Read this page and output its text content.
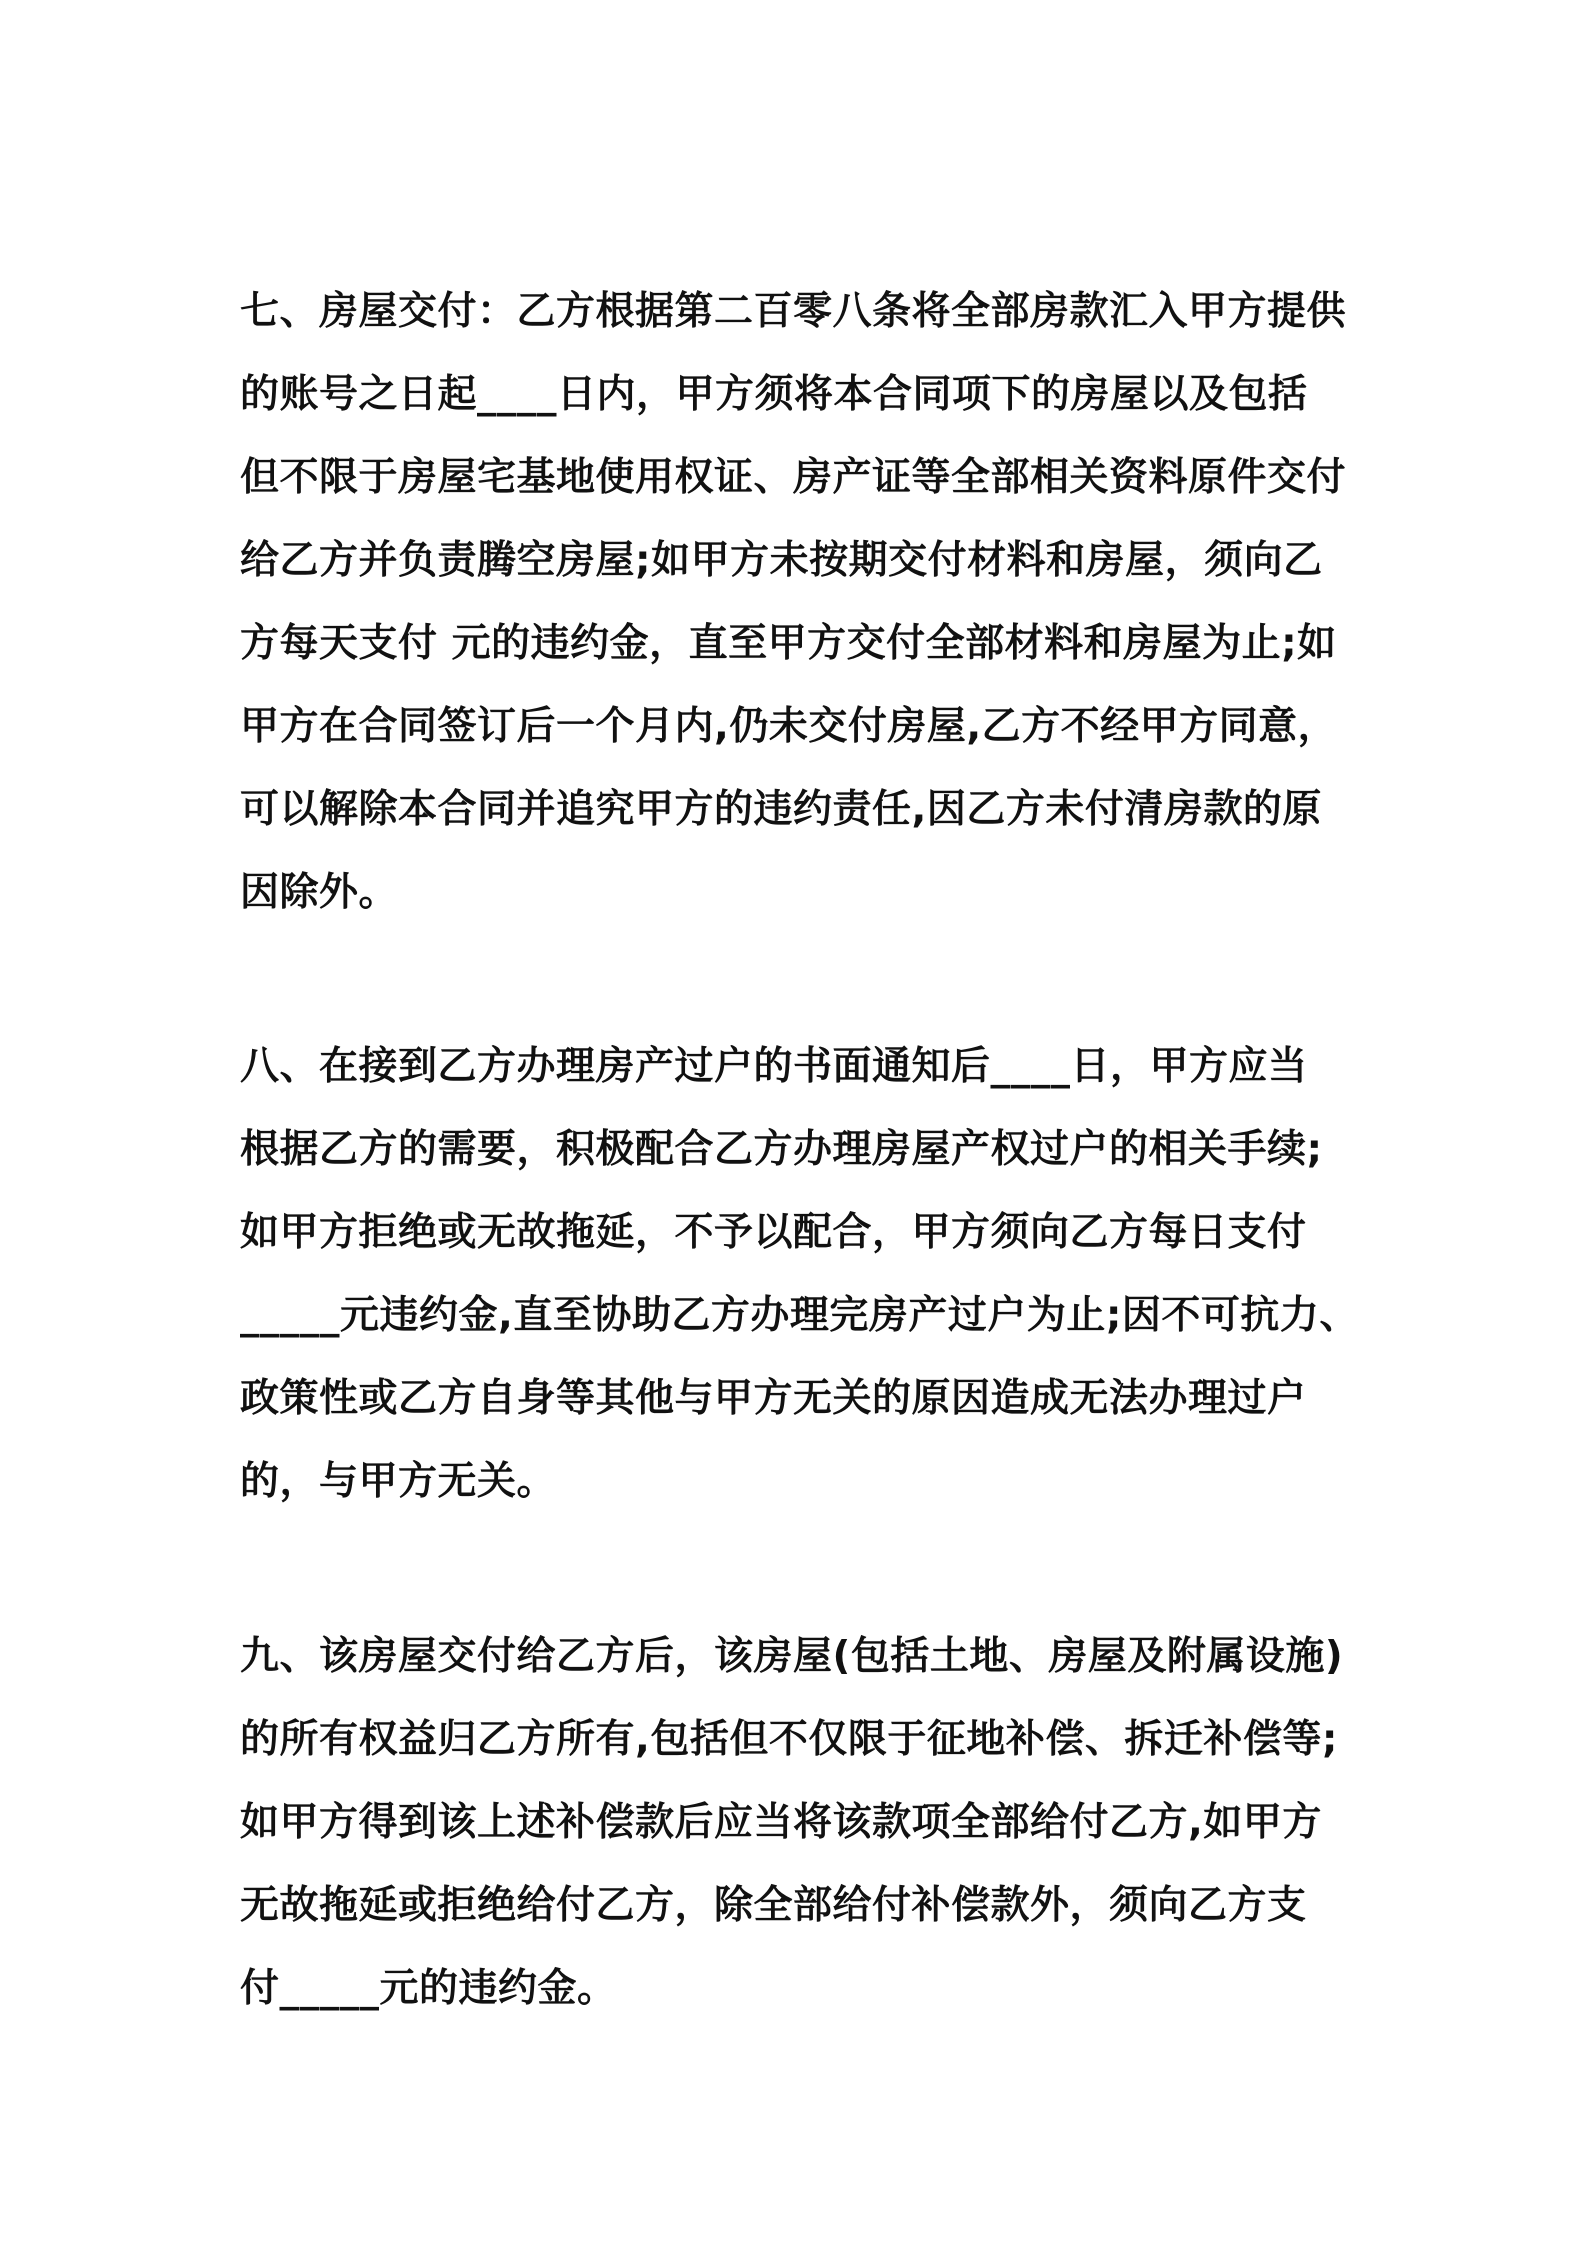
七、房屋交付：乙方根据第二百零八条将全部房款汇入甲方提供
的账号之日起____日内，甲方须将本合同项下的房屋以及包括
但不限于房屋宅基地使用权证、房产证等全部相关资料原件交付
给乙方并负责腾空房屋;如甲方未按期交付材料和房屋，须向乙
方每天支付 元的违约金，直至甲方交付全部材料和房屋为止;如
甲方在合同签订后一个月内,仍未交付房屋,乙方不经甲方同意，
可以解除本合同并追究甲方的违约责任,因乙方未付清房款的原
因除外。
八、在接到乙方办理房产过户的书面通知后____日，甲方应当
根据乙方的需要，积极配合乙方办理房屋产权过户的相关手续;
如甲方拒绝或无故拖延，不予以配合，甲方须向乙方每日支付
_____元违约金,直至协助乙方办理完房产过户为止;因不可抗力、
政策性或乙方自身等其他与甲方无关的原因造成无法办理过户
的，与甲方无关。
九、该房屋交付给乙方后，该房屋(包括土地、房屋及附属设施)
的所有权益归乙方所有,包括但不仅限于征地补偿、拆迁补偿等;
如甲方得到该上述补偿款后应当将该款项全部给付乙方,如甲方
无故拖延或拒绝给付乙方，除全部给付补偿款外，须向乙方支
付_____元的违约金。
